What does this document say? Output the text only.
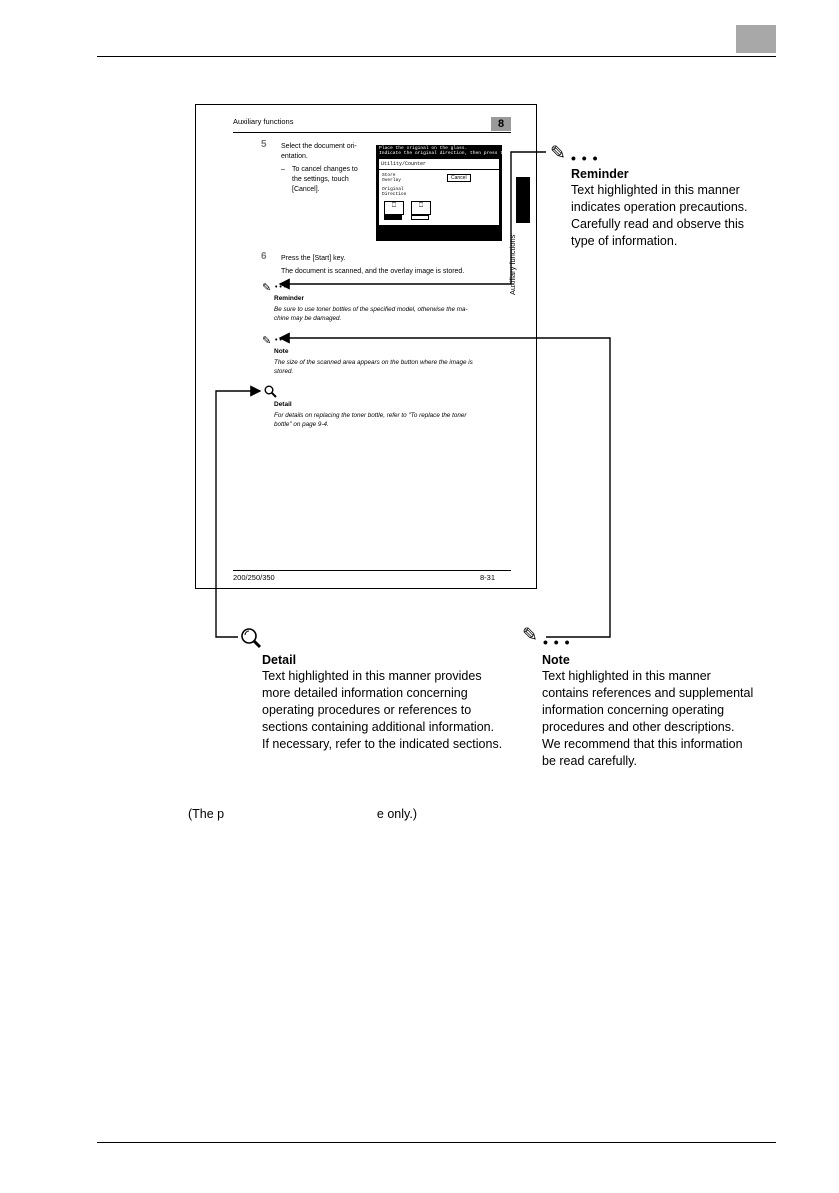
Auxiliary functions	8
Chapter 8
Auxiliary functions
5 Select the document ori-
entation.
– To cancel changes to
the settings, touch
[Cancel].
Place the original on the glass.
Indicate the original direction, then press the Start Key.
Utility/Counter
Store Overlay	Cancel
Original Direction
⎕	⎕
6 Press the [Start] key.
The document is scanned, and the overlay image is stored.
✎ • • •
Reminder
Be sure to use toner bottles of the specified model, otherwise the ma-
chine may be damaged.
✎ • • •
Note
The size of the scanned area appears on the button where the image is
stored.
Detail
For details on replacing the toner bottle, refer to "To replace the toner
bottle" on page 9-4.
200/250/350	8-31
✎ • • •
Reminder
Text highlighted in this manner
indicates operation precautions.
Carefully read and observe this
type of information.
Detail
Text highlighted in this manner provides
more detailed information concerning
operating procedures or references to
sections containing additional information.
If necessary, refer to the indicated sections.
✎ • • •
Note
Text highlighted in this manner
contains references and supplemental
information concerning operating
procedures and other descriptions.
We recommend that this information
be read carefully.
(The p                                            e only.)
